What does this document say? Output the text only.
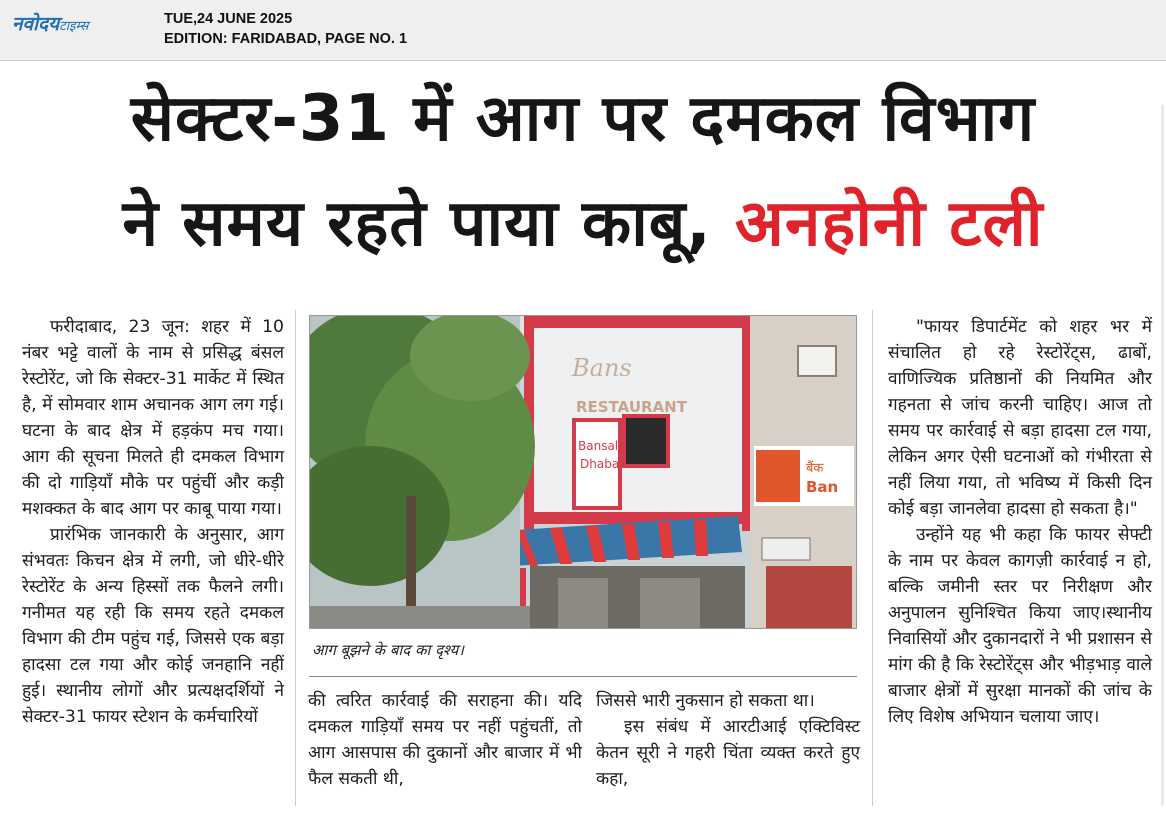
नवोदयटाइम्स	TUE,24 JUNE 2025
EDITION: FARIDABAD, PAGE NO. 1
सेक्टर-31 में आग पर दमकल विभाग
ने समय रहते पाया काबू, अनहोनी टली

फरीदाबाद, 23 जून: शहर में 10 नंबर भट्टे वालों के नाम से प्रसिद्ध बंसल रेस्टोरेंट, जो कि सेक्टर-31 मार्केट में स्थित है, में सोमवार शाम अचानक आग लग गई। घटना के बाद क्षेत्र में हड़कंप मच गया। आग की सूचना मिलते ही दमकल विभाग की दो गाड़ियाँ मौके पर पहुंचीं और कड़ी मशक्कत के बाद आग पर काबू पाया गया।

प्रारंभिक जानकारी के अनुसार, आग संभवतः किचन क्षेत्र में लगी, जो धीरे-धीरे रेस्टोरेंट के अन्य हिस्सों तक फैलने लगी। गनीमत यह रही कि समय रहते दमकल विभाग की टीम पहुंच गई, जिससे एक बड़ा हादसा टल गया और कोई जनहानि नहीं हुई। स्थानीय लोगों और प्रत्यक्षदर्शियों ने सेक्टर-31 फायर स्टेशन के कर्मचारियों

बैंक
Ban
Bans
RESTAURANT
Bansal
Dhaba
आग बूझने के बाद का दृश्य।

की त्वरित कार्रवाई की सराहना की। यदि दमकल गाड़ियाँ समय पर नहीं पहुंचतीं, तो आग आसपास की दुकानों और बाजार में भी फैल सकती थी,

जिससे भारी नुकसान हो सकता था।

इस संबंध में आरटीआई एक्टिविस्ट केतन सूरी ने गहरी चिंता व्यक्त करते हुए कहा,

"फायर डिपार्टमेंट को शहर भर में संचालित हो रहे रेस्टोरेंट्स, ढाबों, वाणिज्यिक प्रतिष्ठानों की नियमित और गहनता से जांच करनी चाहिए। आज तो समय पर कार्रवाई से बड़ा हादसा टल गया, लेकिन अगर ऐसी घटनाओं को गंभीरता से नहीं लिया गया, तो भविष्य में किसी दिन कोई बड़ा जानलेवा हादसा हो सकता है।"

उन्होंने यह भी कहा कि फायर सेफ्टी के नाम पर केवल कागज़ी कार्रवाई न हो, बल्कि जमीनी स्तर पर निरीक्षण और अनुपालन सुनिश्चित किया जाए।स्थानीय निवासियों और दुकानदारों ने भी प्रशासन से मांग की है कि रेस्टोरेंट्स और भीड़भाड़ वाले बाजार क्षेत्रों में सुरक्षा मानकों की जांच के लिए विशेष अभियान चलाया जाए।
